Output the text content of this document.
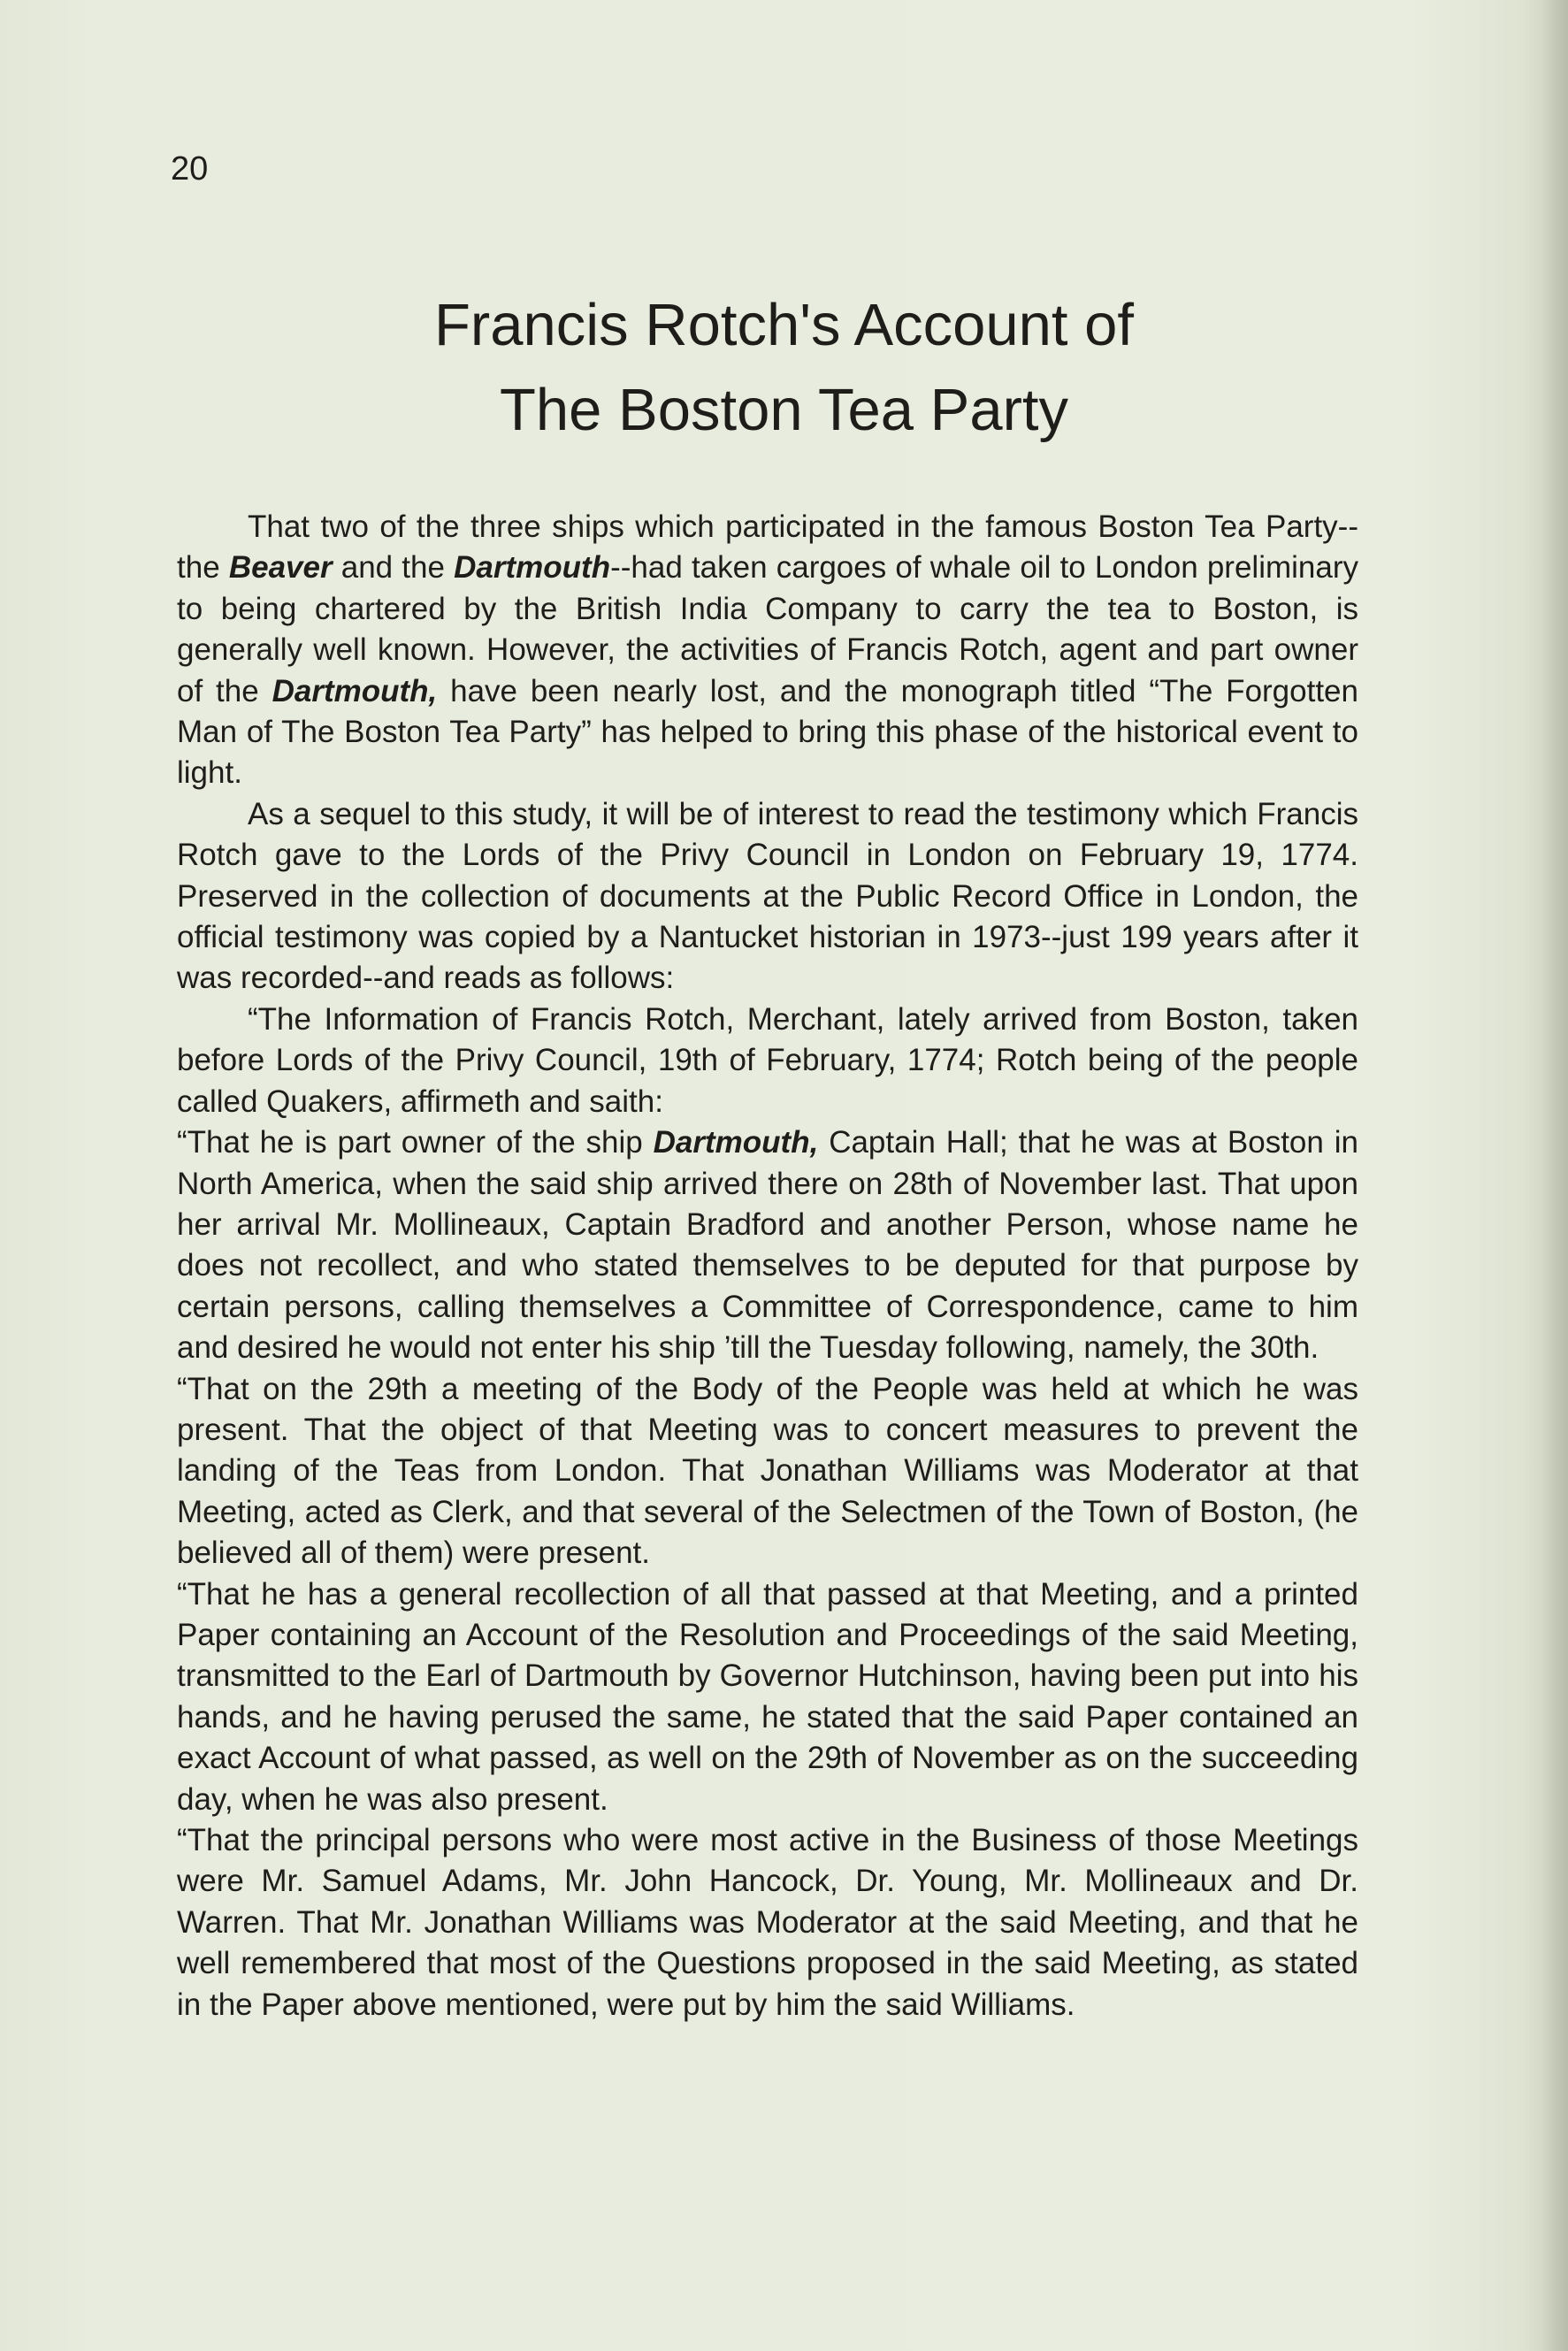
20

Francis Rotch's Account of
The Boston Tea Party

That two of the three ships which participated in the famous Boston Tea Party--the Beaver and the Dartmouth--had taken cargoes of whale oil to London preliminary to being chartered by the British India Company to carry the tea to Boston, is generally well known. However, the activities of Francis Rotch, agent and part owner of the Dartmouth, have been nearly lost, and the monograph titled “The Forgotten Man of The Boston Tea Party” has helped to bring this phase of the historical event to light.

As a sequel to this study, it will be of interest to read the testimony which Francis Rotch gave to the Lords of the Privy Council in London on February 19, 1774. Preserved in the collection of documents at the Public Record Office in London, the official testimony was copied by a Nantucket historian in 1973--just 199 years after it was recorded--and reads as follows:

“The Information of Francis Rotch, Merchant, lately arrived from Boston, taken before Lords of the Privy Council, 19th of February, 1774; Rotch being of the people called Quakers, affirmeth and saith:

“That he is part owner of the ship Dartmouth, Captain Hall; that he was at Boston in North America, when the said ship arrived there on 28th of November last. That upon her arrival Mr. Mollineaux, Captain Bradford and another Person, whose name he does not recollect, and who stated themselves to be deputed for that purpose by certain persons, calling themselves a Committee of Correspondence, came to him and desired he would not enter his ship ’till the Tuesday following, namely, the 30th.

“That on the 29th a meeting of the Body of the People was held at which he was present. That the object of that Meeting was to concert measures to prevent the landing of the Teas from London. That Jonathan Williams was Moderator at that Meeting, acted as Clerk, and that several of the Selectmen of the Town of Boston, (he believed all of them) were present.

“That he has a general recollection of all that passed at that Meeting, and a printed Paper containing an Account of the Resolution and Proceedings of the said Meeting, transmitted to the Earl of Dartmouth by Governor Hutchinson, having been put into his hands, and he having perused the same, he stated that the said Paper contained an exact Account of what passed, as well on the 29th of November as on the succeeding day, when he was also present.

“That the principal persons who were most active in the Business of those Meetings were Mr. Samuel Adams, Mr. John Hancock, Dr. Young, Mr. Mollineaux and Dr. Warren. That Mr. Jonathan Williams was Moderator at the said Meeting, and that he well remembered that most of the Questions proposed in the said Meeting, as stated in the Paper above mentioned, were put by him the said Williams.
